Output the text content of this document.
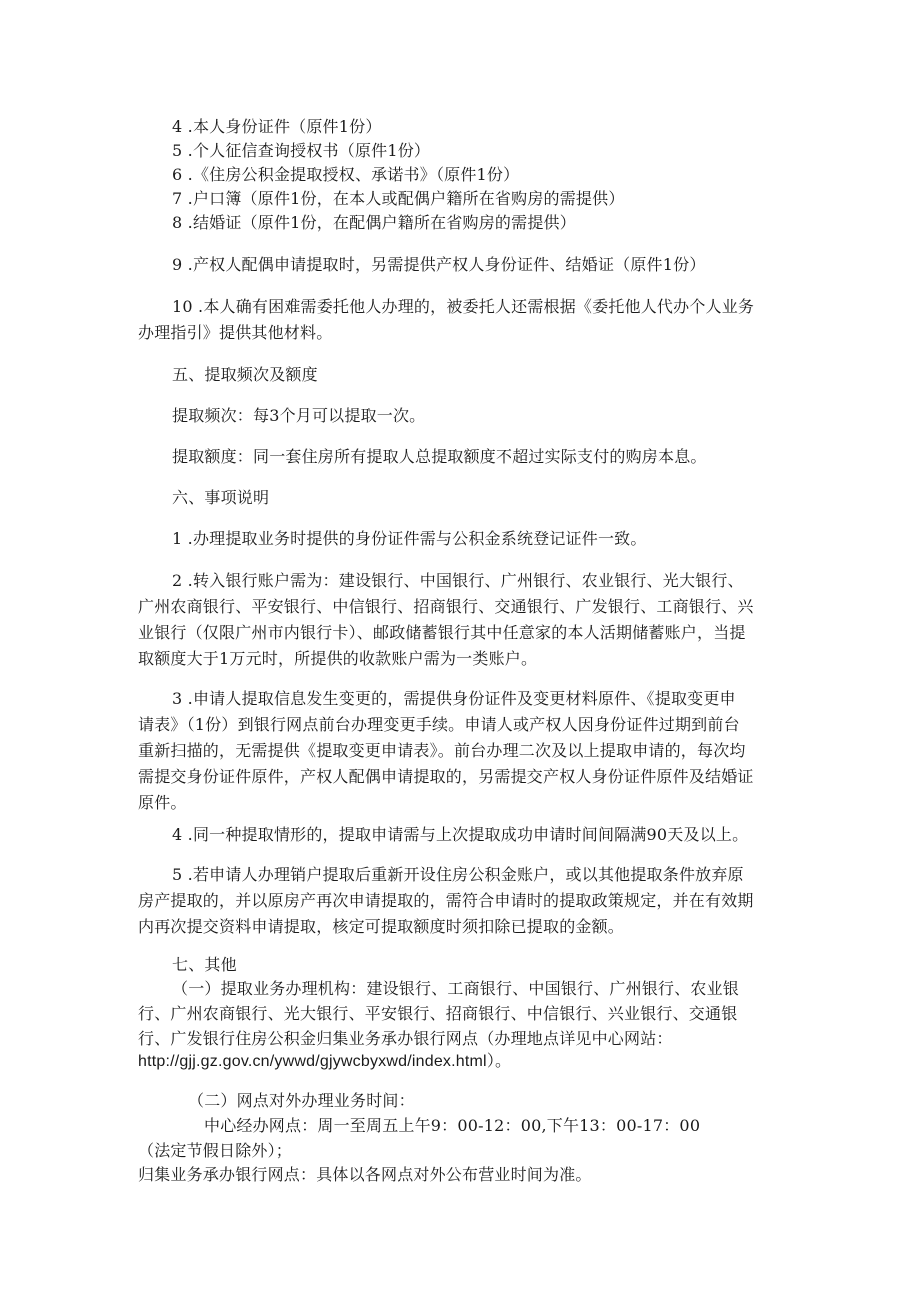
4 .本人身份证件（原件1份）
5 .个人征信查询授权书（原件1份）
6 .《住房公积金提取授权、承诺书》（原件1份）
7 .户口簿（原件1份，在本人或配偶户籍所在省购房的需提供）
8 .结婚证（原件1份，在配偶户籍所在省购房的需提供）
9 .产权人配偶申请提取时，另需提供产权人身份证件、结婚证（原件1份）
10 .本人确有困难需委托他人办理的，被委托人还需根据《委托他人代办个人业务
办理指引》提供其他材料。
五、提取频次及额度
提取频次：每3个月可以提取一次。
提取额度：同一套住房所有提取人总提取额度不超过实际支付的购房本息。
六、事项说明
1 .办理提取业务时提供的身份证件需与公积金系统登记证件一致。
2 .转入银行账户需为：建设银行、中国银行、广州银行、农业银行、光大银行、
广州农商银行、平安银行、中信银行、招商银行、交通银行、广发银行、工商银行、兴
业银行（仅限广州市内银行卡）、邮政储蓄银行其中任意家的本人活期储蓄账户，当提
取额度大于1万元时，所提供的收款账户需为一类账户。
3 .申请人提取信息发生变更的，需提供身份证件及变更材料原件、《提取变更申
请表》（1份）到银行网点前台办理变更手续。申请人或产权人因身份证件过期到前台
重新扫描的，无需提供《提取变更申请表》。前台办理二次及以上提取申请的，每次均
需提交身份证件原件，产权人配偶申请提取的，另需提交产权人身份证件原件及结婚证
原件。
4 .同一种提取情形的，提取申请需与上次提取成功申请时间间隔满90天及以上。
5 .若申请人办理销户提取后重新开设住房公积金账户，或以其他提取条件放弃原
房产提取的，并以原房产再次申请提取的，需符合申请时的提取政策规定，并在有效期
内再次提交资料申请提取，核定可提取额度时须扣除已提取的金额。
七、其他
（一）提取业务办理机构：建设银行、工商银行、中国银行、广州银行、农业银
行、广州农商银行、光大银行、平安银行、招商银行、中信银行、兴业银行、交通银
行、广发银行住房公积金归集业务承办银行网点（办理地点详见中心网站：
http://gjj.gz.gov.cn/ywwd/gjywcbyxwd/index.html）。
（二）网点对外办理业务时间：
中心经办网点：周一至周五上午9：00-12：00,下午13：00-17：00
（法定节假日除外）；
归集业务承办银行网点：具体以各网点对外公布营业时间为准。
